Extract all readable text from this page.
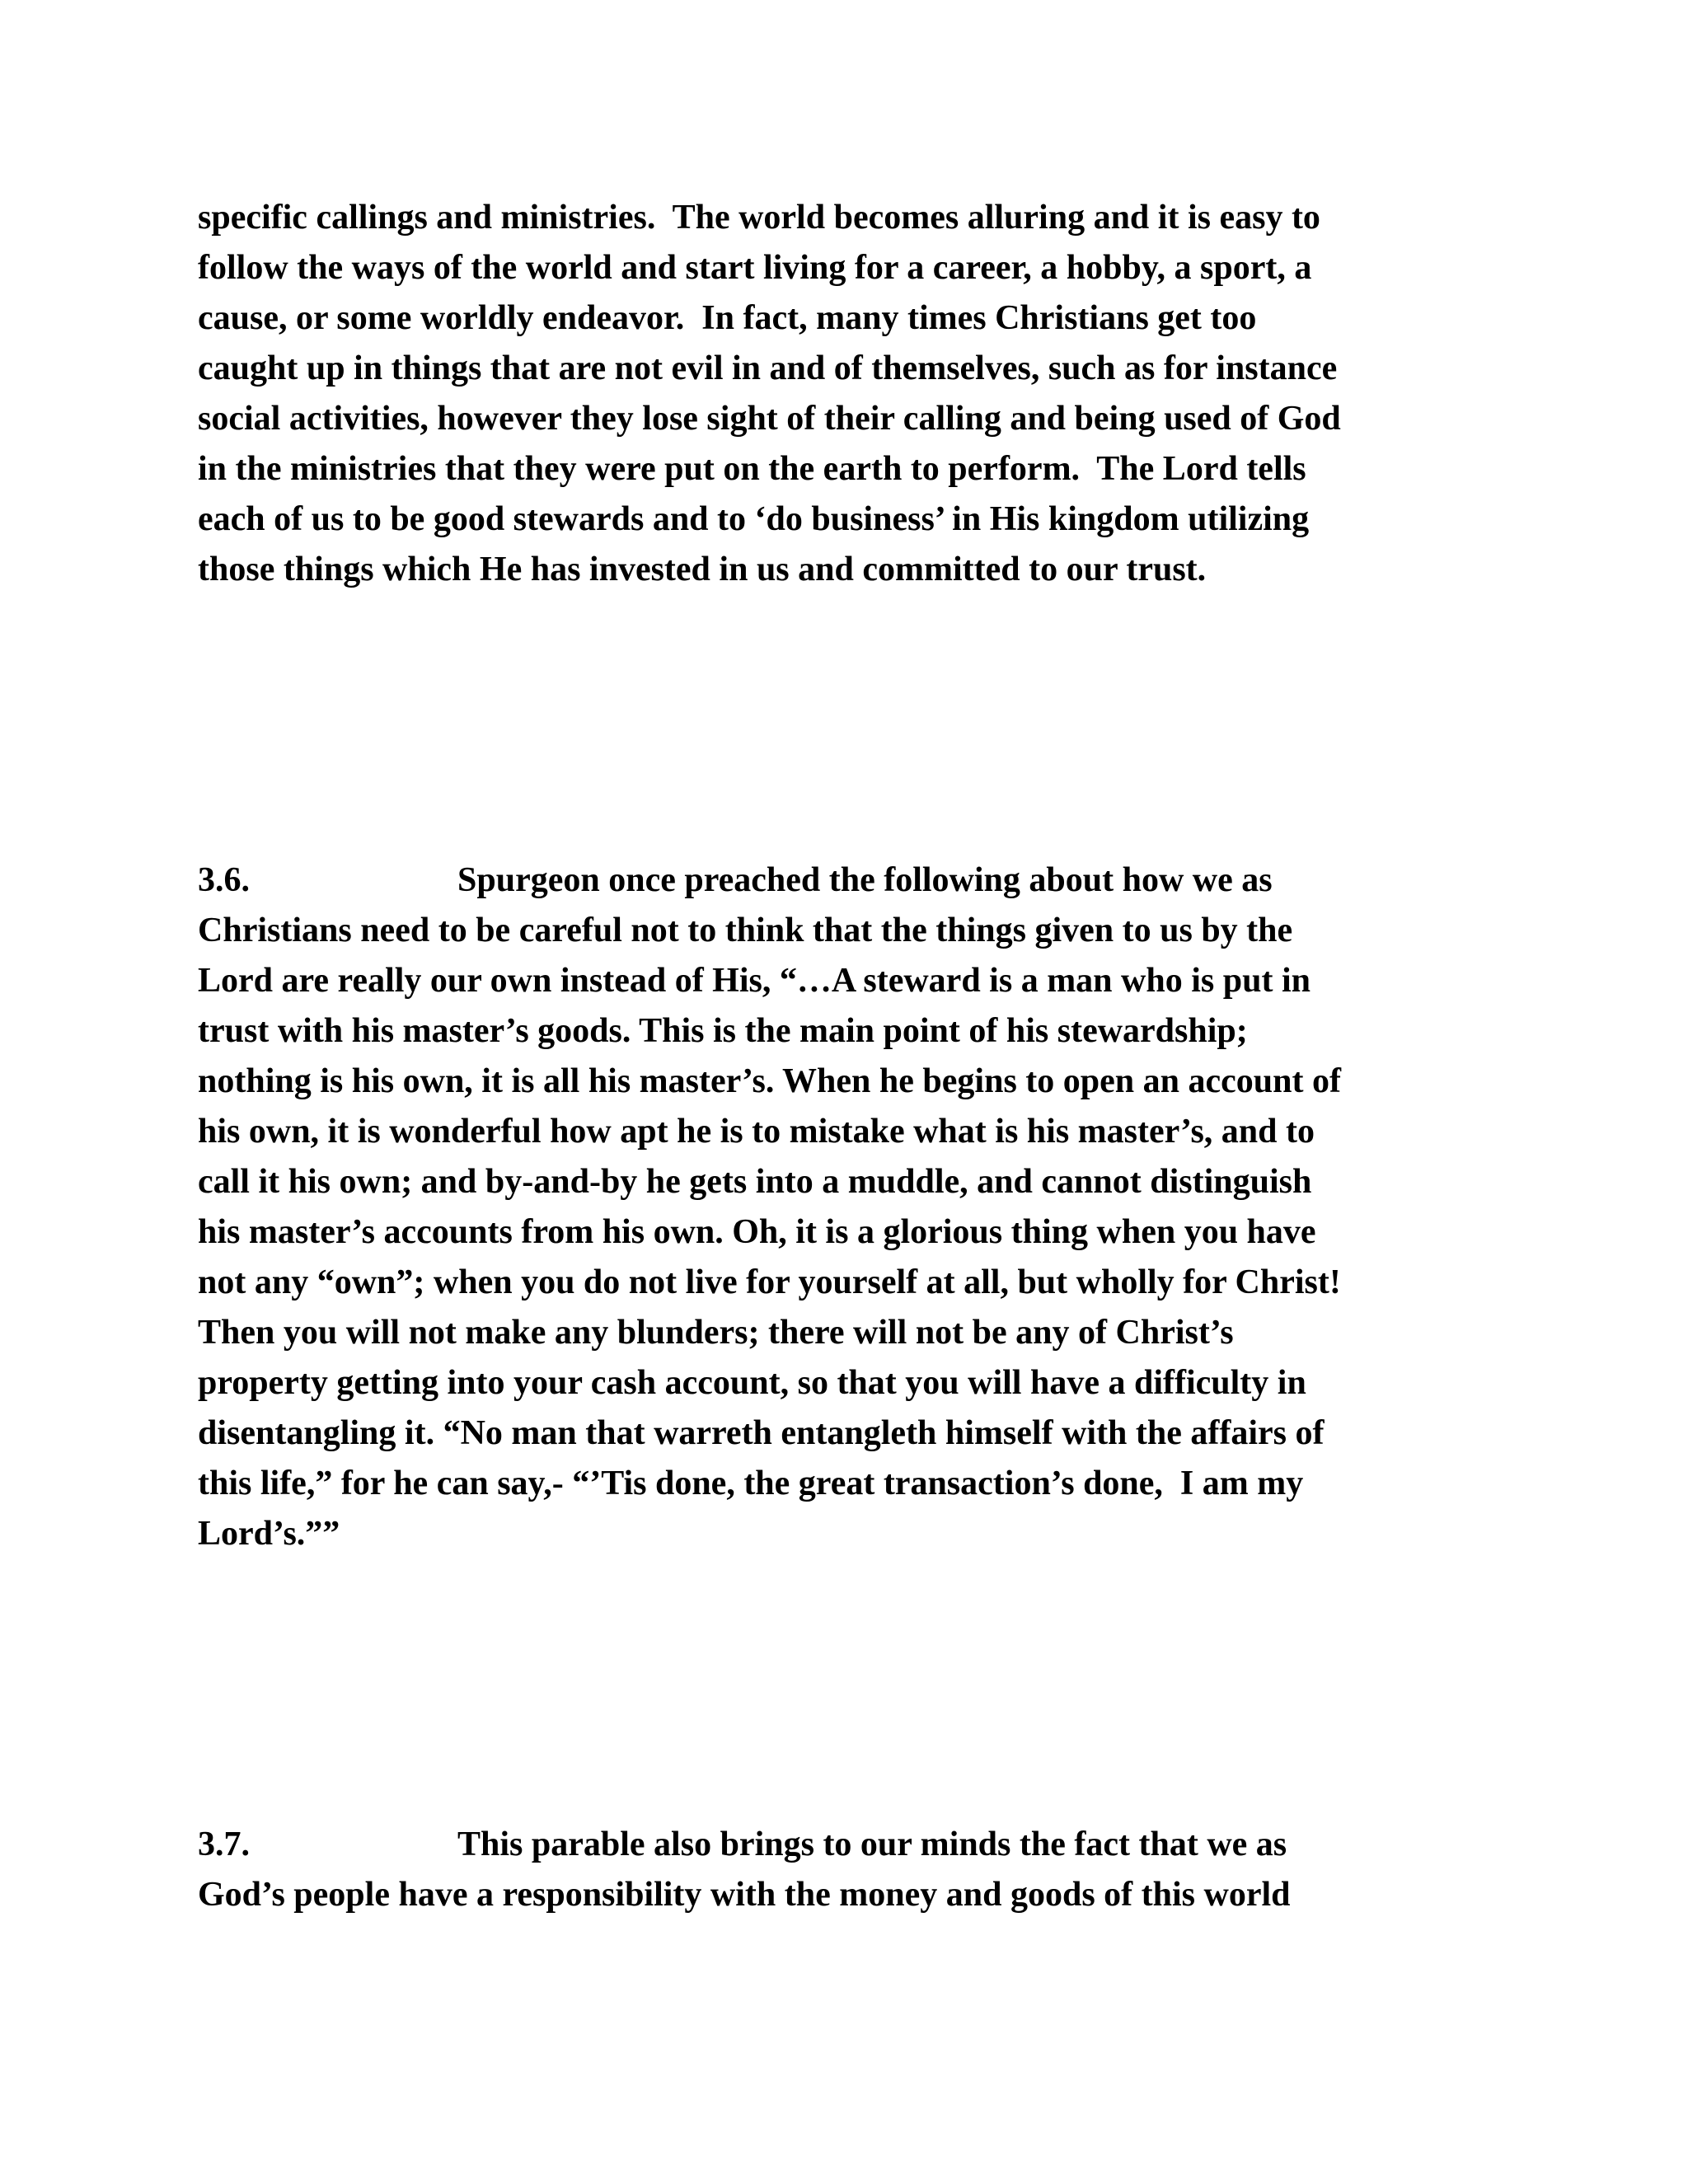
specific callings and ministries.  The world becomes alluring and it is easy to
follow the ways of the world and start living for a career, a hobby, a sport, a
cause, or some worldly endeavor.  In fact, many times Christians get too
caught up in things that are not evil in and of themselves, such as for instance
social activities, however they lose sight of their calling and being used of God
in the ministries that they were put on the earth to perform.  The Lord tells
each of us to be good stewards and to ‘do business’ in His kingdom utilizing
those things which He has invested in us and committed to our trust.
3.6.	Spurgeon once preached the following about how we as
Christians need to be careful not to think that the things given to us by the
Lord are really our own instead of His, “…A steward is a man who is put in
trust with his master’s goods. This is the main point of his stewardship;
nothing is his own, it is all his master’s. When he begins to open an account of
his own, it is wonderful how apt he is to mistake what is his master’s, and to
call it his own; and by-and-by he gets into a muddle, and cannot distinguish
his master’s accounts from his own. Oh, it is a glorious thing when you have
not any “own”; when you do not live for yourself at all, but wholly for Christ!
Then you will not make any blunders; there will not be any of Christ’s
property getting into your cash account, so that you will have a difficulty in
disentangling it. “No man that warreth entangleth himself with the affairs of
this life,” for he can say,- “’Tis done, the great transaction’s done,  I am my
Lord’s.””
3.7.	This parable also brings to our minds the fact that we as
God’s people have a responsibility with the money and goods of this world
